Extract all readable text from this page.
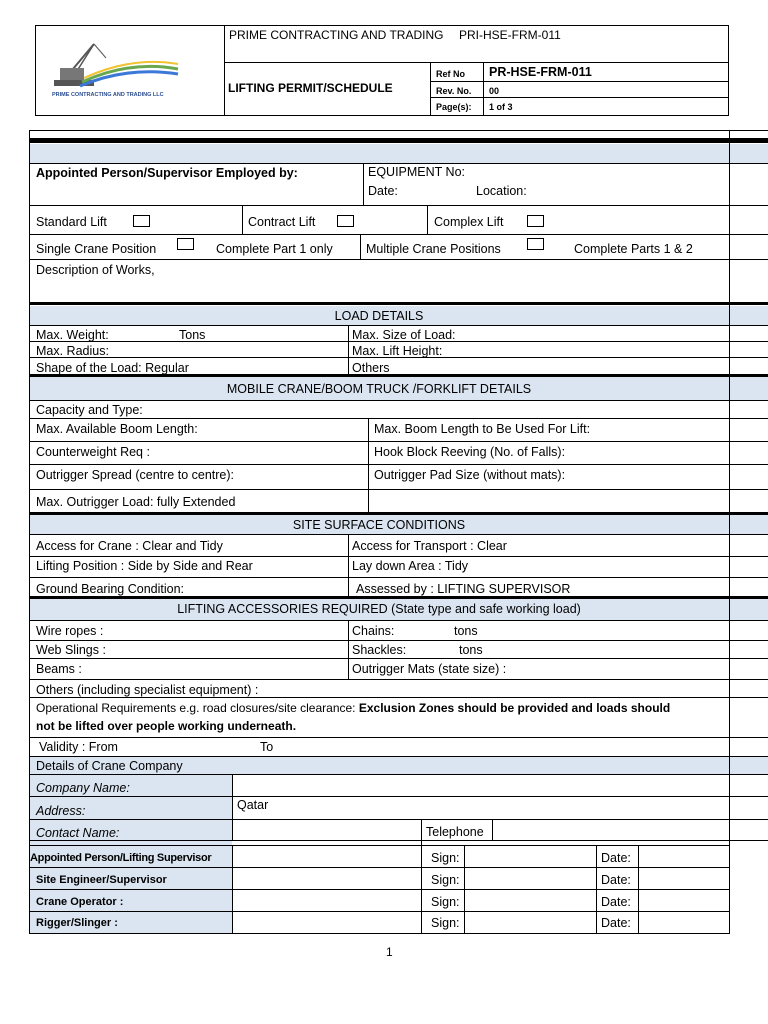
PRIME CONTRACTING AND TRADING LLC
PRIME CONTRACTING AND TRADING PRI-HSE-FRM-011
LIFTING PERMIT/SCHEDULE
Ref No PR-HSE-FRM-011
Rev. No. 00
Page(s): 1 of 3
Appointed Person/Supervisor Employed by:	EQUIPMENT No:
Date:	Location:
Standard Lift	Contract Lift	Complex Lift
Single Crane Position	Complete Part 1 only	Multiple Crane Positions	Complete Parts 1 & 2
Description of Works,
LOAD DETAILS
Max. Weight:	Tons	Max. Size of Load:
Max. Radius:	Max. Lift Height:
Shape of the Load: Regular	Others
MOBILE CRANE/BOOM TRUCK /FORKLIFT DETAILS
Capacity and Type:
Max. Available Boom Length:	Max. Boom Length to Be Used For Lift:
Counterweight Req :	Hook Block Reeving (No. of Falls):
Outrigger Spread (centre to centre):	Outrigger Pad Size (without mats):
Max. Outrigger Load: fully Extended
SITE SURFACE CONDITIONS
Access for Crane : Clear and Tidy	Access for Transport : Clear
Lifting Position : Side by Side and Rear	Lay down Area : Tidy
Ground Bearing Condition:	Assessed by : LIFTING SUPERVISOR
LIFTING ACCESSORIES REQUIRED (State type and safe working load)
Wire ropes :	Chains:	tons
Web Slings :	Shackles:	tons
Beams :	Outrigger Mats (state size) :
Others (including specialist equipment) :
Operational Requirements e.g. road closures/site clearance: Exclusion Zones should be provided and loads should
not be lifted over people working underneath.
Validity : From	To
Details of Crane Company
Company Name:
Address:	Qatar
Contact Name:	Telephone
Appointed Person/Lifting Supervisor	Sign:	Date:
Site Engineer/Supervisor	Sign:	Date:
Crane Operator :	Sign:	Date:
Rigger/Slinger :	Sign:	Date:
1
